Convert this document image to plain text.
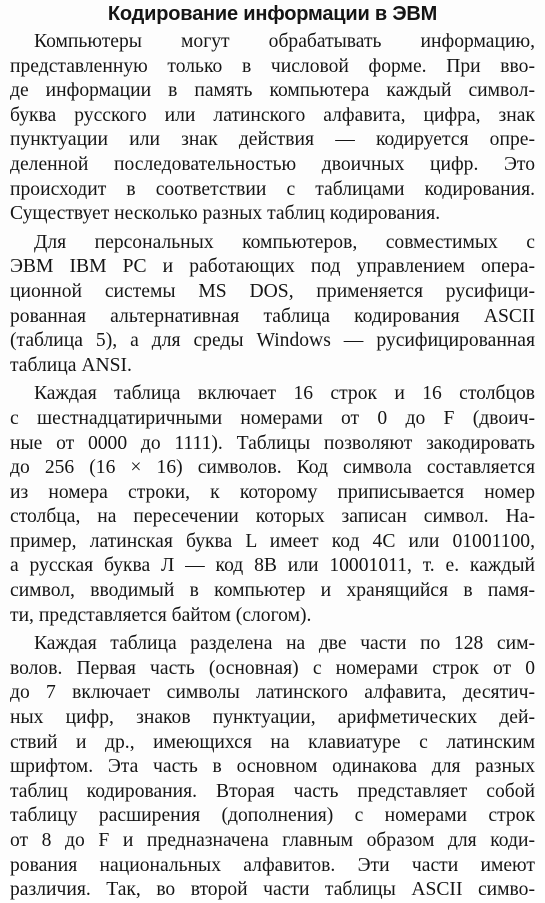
Кодирование информации в ЭВМ
Компьютеры могут обрабатывать информацию,
представленную только в числовой форме. При вво-
де информации в память компьютера каждый символ-
буква русского или латинского алфавита, цифра, знак
пунктуации или знак действия — кодируется опре-
деленной последовательностью двоичных цифр. Это
происходит в соответствии с таблицами кодирования.
Существует несколько разных таблиц кодирования.
Для персональных компьютеров, совместимых с
ЭВМ IBM PC и работающих под управлением опера-
ционной системы MS DOS, применяется русифици-
рованная альтернативная таблица кодирования ASCII
(таблица 5), а для среды Windows — русифицированная
таблица ANSI.
Каждая таблица включает 16 строк и 16 столбцов
с шестнадцатиричными номерами от 0 до F (двоич-
ные от 0000 до 1111). Таблицы позволяют закодировать
до 256 (16 × 16) символов. Код символа составляется
из номера строки, к которому приписывается номер
столбца, на пересечении которых записан символ. На-
пример, латинская буква L имеет код 4C или 01001100,
а русская буква Л — код 8B или 10001011, т. е. каждый
символ, вводимый в компьютер и хранящийся в памя-
ти, представляется байтом (слогом).
Каждая таблица разделена на две части по 128 сим-
волов. Первая часть (основная) с номерами строк от 0
до 7 включает символы латинского алфавита, десятич-
ных цифр, знаков пунктуации, арифметических дей-
ствий и др., имеющихся на клавиатуре с латинским
шрифтом. Эта часть в основном одинакова для разных
таблиц кодирования. Вторая часть представляет собой
таблицу расширения (дополнения) с номерами строк
от 8 до F и предназначена главным образом для коди-
рования национальных алфавитов. Эти части имеют
различия. Так, во второй части таблицы ASCII симво-
